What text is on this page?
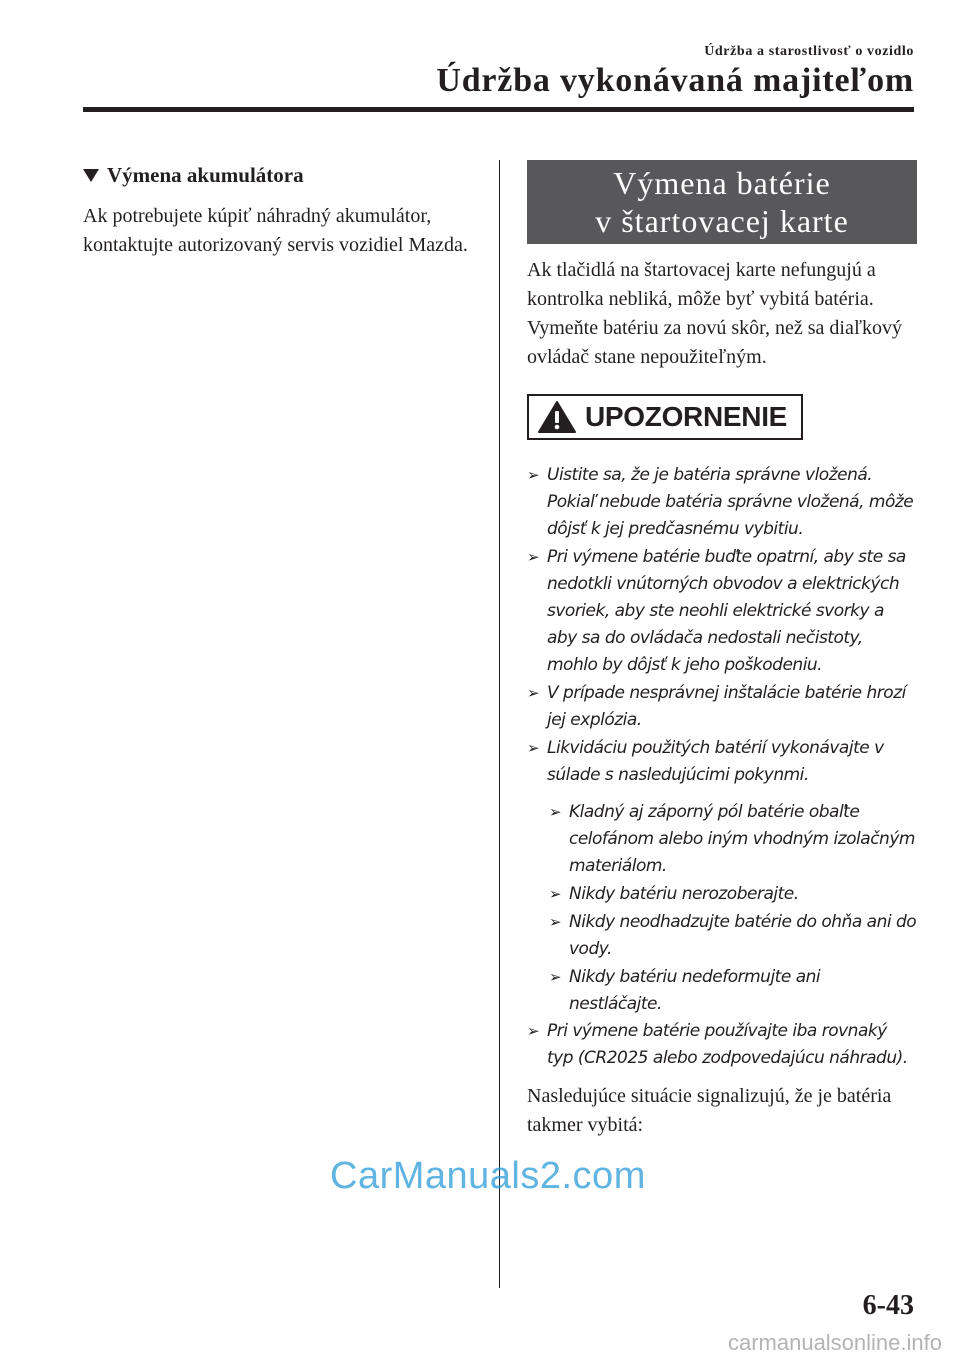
Údržba a starostlivosť o vozidlo
Údržba vykonávaná majiteľom
Výmena akumulátora

Ak potrebujete kúpiť náhradný akumulátor, kontaktujte autorizovaný servis vozidiel Mazda.

Výmena batérie
v štartovacej karte

Ak tlačidlá na štartovacej karte nefungujú a kontrolka nebliká, môže byť vybitá batéria.

Vymeňte batériu za novú skôr, než sa diaľkový ovládač stane nepoužiteľným.

UPOZORNENIE
➢ Uistite sa, že je batéria správne vložená. Pokiaľ nebude batéria správne vložená, môže dôjsť k jej predčasnému vybitiu.
➢ Pri výmene batérie buďte opatrní, aby ste sa nedotkli vnútorných obvodov a elektrických svoriek, aby ste neohli elektrické svorky a aby sa do ovládača nedostali nečistoty, mohlo by dôjsť k jeho poškodeniu.
➢ V prípade nesprávnej inštalácie batérie hrozí jej explózia.
➢ Likvidáciu použitých batérií vykonávajte v súlade s nasledujúcimi pokynmi.
➢ Kladný aj záporný pól batérie obaľte celofánom alebo iným vhodným izolačným materiálom.
➢ Nikdy batériu nerozoberajte.
➢ Nikdy neodhadzujte batérie do ohňa ani do vody.
➢ Nikdy batériu nedeformujte ani nestláčajte.
➢ Pri výmene batérie používajte iba rovnaký typ (CR2025 alebo zodpovedajúcu náhradu).

Nasledujúce situácie signalizujú, že je batéria takmer vybitá:

CarManuals2.com
6-43
carmanualsonline.info
